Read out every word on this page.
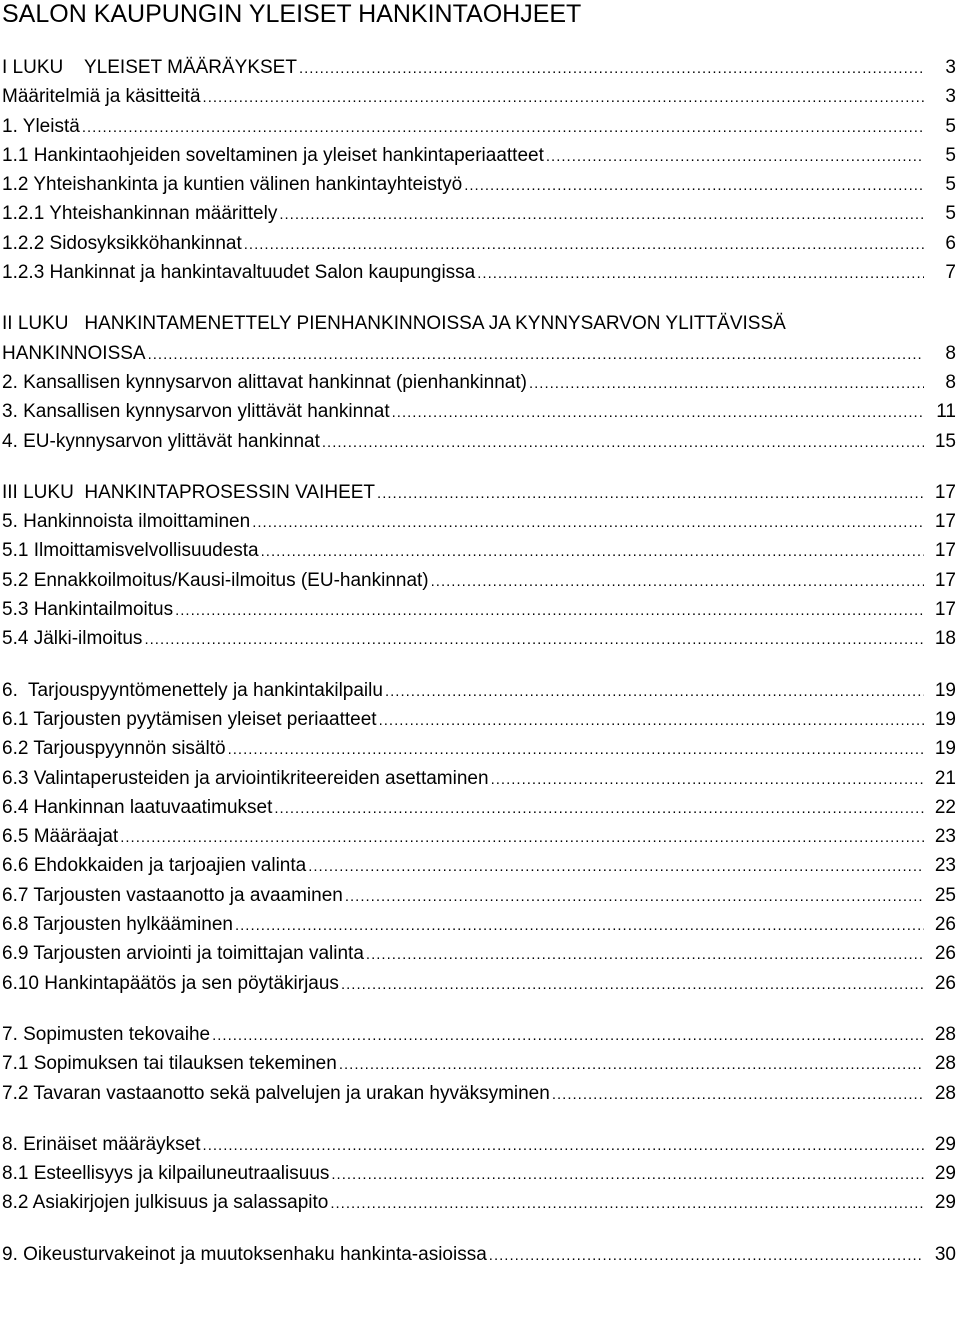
SALON KAUPUNGIN YLEISET HANKINTAOHJEET
I LUKU    YLEISET MÄÄRÄYKSET .....	3
Määritelmiä ja käsitteitä .....	3
1. Yleistä .....	5
1.1 Hankintaohjeiden soveltaminen ja yleiset hankintaperiaatteet .....	5
1.2 Yhteishankinta ja kuntien välinen hankintayhteistyö .....	5
1.2.1 Yhteishankinnan määrittely .....	5
1.2.2 Sidosyksikköhankinnat .....	6
1.2.3 Hankinnat ja hankintavaltuudet Salon kaupungissa .....	7
II LUKU   HANKINTAMENETTELY PIENHANKINNOISSA JA KYNNYSARVON YLITTÄVISSÄ
HANKINNOISSA .....	8
2. Kansallisen kynnysarvon alittavat hankinnat (pienhankinnat) .....	8
3. Kansallisen kynnysarvon ylittävät hankinnat .....	11
4. EU-kynnysarvon ylittävät hankinnat .....	15
III LUKU  HANKINTAPROSESSIN VAIHEET .....	17
5. Hankinnoista ilmoittaminen .....	17
5.1 Ilmoittamisvelvollisuudesta .....	17
5.2 Ennakkoilmoitus/Kausi-ilmoitus (EU-hankinnat) .....	17
5.3 Hankintailmoitus .....	17
5.4 Jälki-ilmoitus .....	18
6.  Tarjouspyyntömenettely ja hankintakilpailu .....	19
6.1 Tarjousten pyytämisen yleiset periaatteet .....	19
6.2 Tarjouspyynnön sisältö .....	19
6.3 Valintaperusteiden ja arviointikriteereiden asettaminen .....	21
6.4 Hankinnan laatuvaatimukset .....	22
6.5 Määräajat .....	23
6.6 Ehdokkaiden ja tarjoajien valinta .....	23
6.7 Tarjousten vastaanotto ja avaaminen .....	25
6.8 Tarjousten hylkääminen .....	26
6.9 Tarjousten arviointi ja toimittajan valinta .....	26
6.10 Hankintapäätös ja sen pöytäkirjaus .....	26
7. Sopimusten tekovaihe .....	28
7.1 Sopimuksen tai tilauksen tekeminen .....	28
7.2 Tavaran vastaanotto sekä palvelujen ja urakan hyväksyminen .....	28
8. Erinäiset määräykset .....	29
8.1 Esteellisyys ja kilpailuneutraalisuus .....	29
8.2 Asiakirjojen julkisuus ja salassapito .....	29
9. Oikeusturvakeinot ja muutoksenhaku hankinta-asioissa .....	30
